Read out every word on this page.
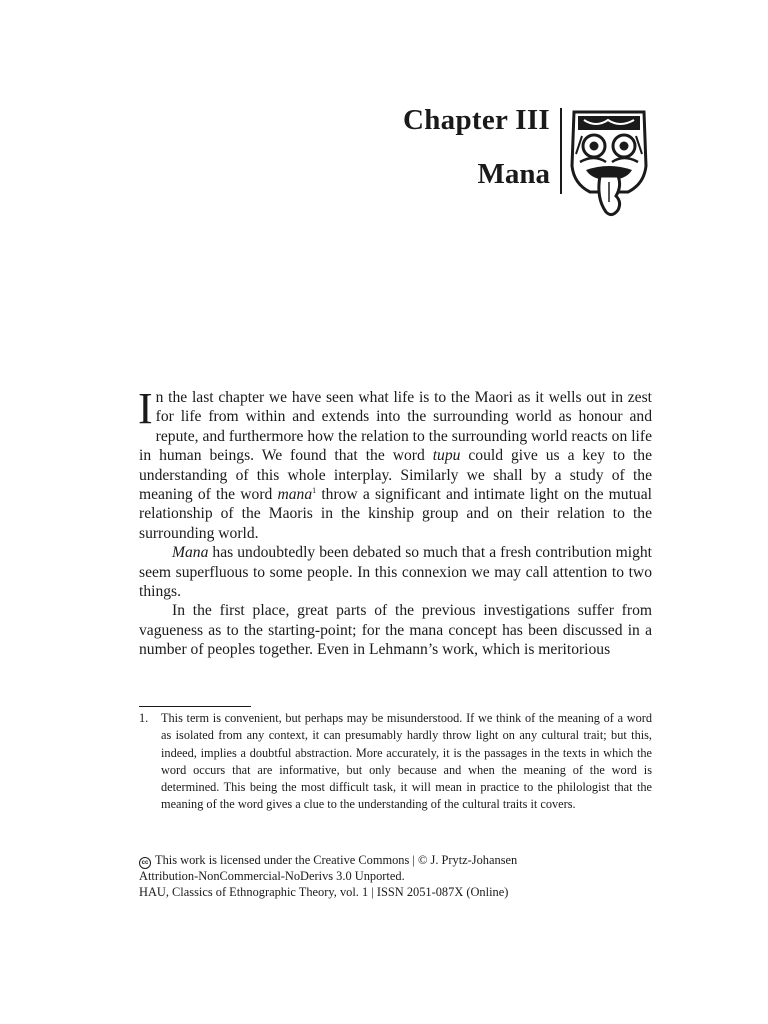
Chapter III
Mana

In the last chapter we have seen what life is to the Maori as it wells out in zest for life from within and extends into the surrounding world as honour and repute, and furthermore how the relation to the surrounding world reacts on life in human beings. We found that the word tupu could give us a key to the understanding of this whole interplay. Similarly we shall by a study of the meaning of the word mana$^1$ throw a significant and intimate light on the mutual relationship of the Maoris in the kinship group and on their relation to the surrounding world.

Mana has undoubtedly been debated so much that a fresh contribution might seem superfluous to some people. In this connexion we may call attention to two things.

In the first place, great parts of the previous investigations suffer from vagueness as to the starting-point; for the mana concept has been discussed in a number of peoples together. Even in Lehmann’s work, which is meritorious

1. This term is convenient, but perhaps may be misunderstood. If we think of the meaning of a word as isolated from any context, it can presumably hardly throw light on any cultural trait; but this, indeed, implies a doubtful abstraction. More accurately, it is the passages in the texts in which the word occurs that are informative, but only because and when the meaning of the word is determined. This being the most difficult task, it will mean in practice to the philologist that the meaning of the word gives a clue to the understanding of the cultural traits it covers.
cc This work is licensed under the Creative Commons | © J. Prytz-Johansen
Attribution-NonCommercial-NoDerivs 3.0 Unported.
HAU, Classics of Ethnographic Theory, vol. 1 | ISSN 2051-087X (Online)
